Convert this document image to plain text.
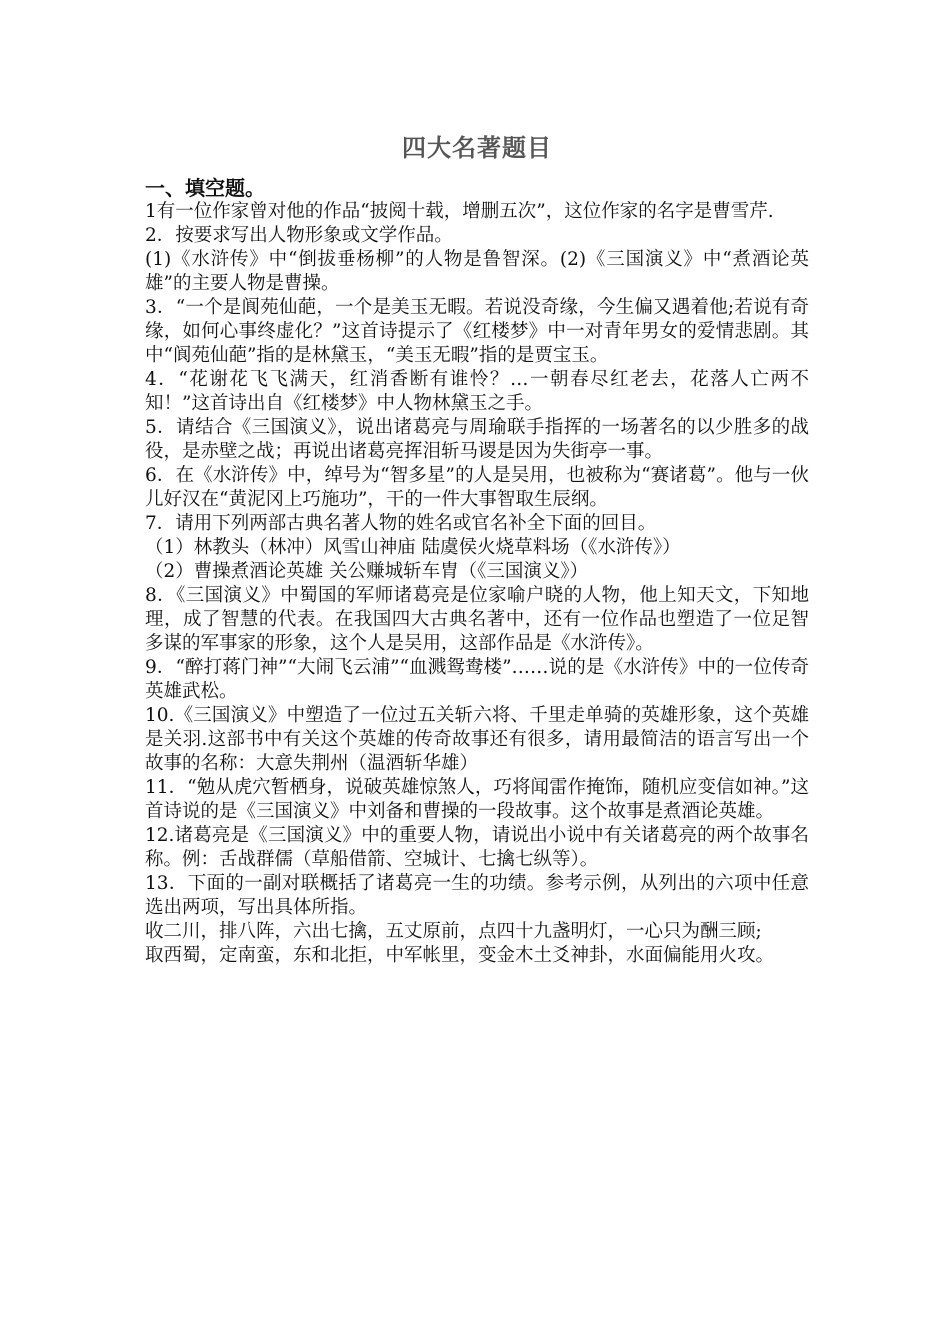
四大名著题目
一、填空题。

1有一位作家曾对他的作品“披阅十载，增删五次”，这位作家的名字是曹雪芹.

2．按要求写出人物形象或文学作品。

(1)《水浒传》中“倒拔垂杨柳”的人物是鲁智深。(2)《三国演义》中“煮酒论英雄”的主要人物是曹操。

3．“一个是阆苑仙葩，一个是美玉无暇。若说没奇缘，今生偏又遇着他;若说有奇缘，如何心事终虚化？”这首诗提示了《红楼梦》中一对青年男女的爱情悲剧。其中“阆苑仙葩”指的是林黛玉，“美玉无暇”指的是贾宝玉。

4．“花谢花飞飞满天，红消香断有谁怜？…一朝春尽红老去，花落人亡两不知！”这首诗出自《红楼梦》中人物林黛玉之手。

5．请结合《三国演义》，说出诸葛亮与周瑜联手指挥的一场著名的以少胜多的战役，是赤壁之战；再说出诸葛亮挥泪斩马谡是因为失街亭一事。

6．在《水浒传》中，绰号为“智多星”的人是吴用，也被称为“赛诸葛”。他与一伙儿好汉在“黄泥冈上巧施功”，干的一件大事智取生辰纲。

7．请用下列两部古典名著人物的姓名或官名补全下面的回目。

（1）林教头（林冲）风雪山神庙 陆虞侯火烧草料场（《水浒传》）

（2）曹操煮酒论英雄 关公赚城斩车胄（《三国演义》）

8．《三国演义》中蜀国的军师诸葛亮是位家喻户晓的人物，他上知天文，下知地理，成了智慧的代表。在我国四大古典名著中，还有一位作品也塑造了一位足智多谋的军事家的形象，这个人是吴用，这部作品是《水浒传》。

9．“醉打蒋门神”“大闹飞云浦”“血溅鸳鸯楼”……说的是《水浒传》中的一位传奇英雄武松。

10.《三国演义》中塑造了一位过五关斩六将、千里走单骑的英雄形象，这个英雄是关羽.这部书中有关这个英雄的传奇故事还有很多，请用最简洁的语言写出一个故事的名称：大意失荆州（温酒斩华雄）

11．“勉从虎穴暂栖身，说破英雄惊煞人，巧将闻雷作掩饰，随机应变信如神。”这首诗说的是《三国演义》中刘备和曹操的一段故事。这个故事是煮酒论英雄。

12.诸葛亮是《三国演义》中的重要人物，请说出小说中有关诸葛亮的两个故事名称。例：舌战群儒（草船借箭、空城计、七擒七纵等）。

13．下面的一副对联概括了诸葛亮一生的功绩。参考示例，从列出的六项中任意选出两项，写出具体所指。

收二川，排八阵，六出七擒，五丈原前，点四十九盏明灯，一心只为酬三顾;

取西蜀，定南蛮，东和北拒，中军帐里，变金木土爻神卦，水面偏能用火攻。
